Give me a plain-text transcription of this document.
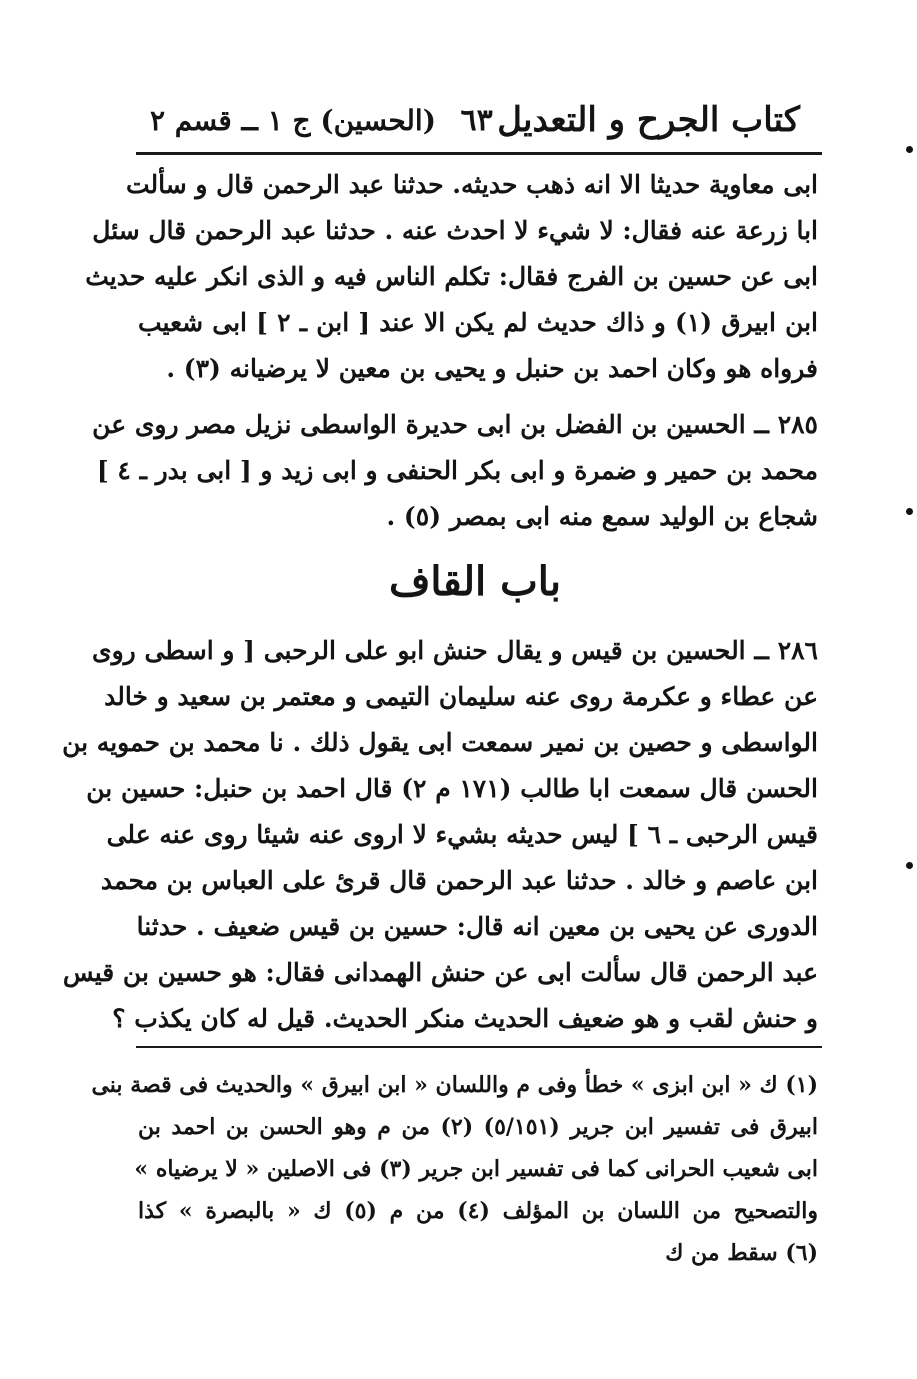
كتاب الجرح و التعديل
٦٣
(الحسين) ج ١ ــ قسم ٢
ابى معاوية حديثا الا انه ذهب حديثه. حدثنا عبد الرحمن قال و سألت
ابا زرعة عنه فقال: لا شيء لا احدث عنه . حدثنا عبد الرحمن قال سئل
ابى عن حسين بن الفرج فقال: تكلم الناس فيه و الذى انكر عليه حديث
ابن ابيرق (١) و ذاك حديث لم يكن الا عند [ ابن ـ ٢ ] ابى شعيب
فرواه هو وكان احمد بن حنبل و يحيى بن معين لا يرضيانه (٣) .
٢٨٥ ــ الحسين بن الفضل بن ابى حديرة الواسطى نزيل مصر روى عن
محمد بن حمير و ضمرة و ابى بكر الحنفى و ابى زيد و [ ابى بدر ـ ٤ ]
شجاع بن الوليد سمع منه ابى بمصر (٥) .
باب القاف
٢٨٦ ــ الحسين بن قيس و يقال حنش ابو على الرحبى [ و اسطى روى
عن عطاء و عكرمة روى عنه سليمان التيمى و معتمر بن سعيد و خالد
الواسطى و حصين بن نمير سمعت ابى يقول ذلك . نا محمد بن حمويه بن
الحسن قال سمعت ابا طالب (١٧١ م ٢) قال احمد بن حنبل: حسين بن
قيس الرحبى ـ ٦ ] ليس حديثه بشيء لا اروى عنه شيئا روى عنه على
ابن عاصم و خالد . حدثنا عبد الرحمن قال قرئ على العباس بن محمد
الدورى عن يحيى بن معين انه قال: حسين بن قيس ضعيف . حدثنا
عبد الرحمن قال سألت ابى عن حنش الهمدانى فقال: هو حسين بن قيس
و حنش لقب و هو ضعيف الحديث منكر الحديث. قيل له كان يكذب ؟
(١) ك « ابن ابزى » خطأ وفى م واللسان « ابن ابيرق » والحديث فى قصة بنى
ابيرق فى تفسير ابن جرير (٥/١٥١) (٢) من م وهو الحسن بن احمد بن
ابى شعيب الحرانى كما فى تفسير ابن جرير (٣) فى الاصلين « لا يرضياه »
والتصحيح من اللسان بن المؤلف (٤) من م (٥) ك « بالبصرة » كذا
(٦) سقط من ك
